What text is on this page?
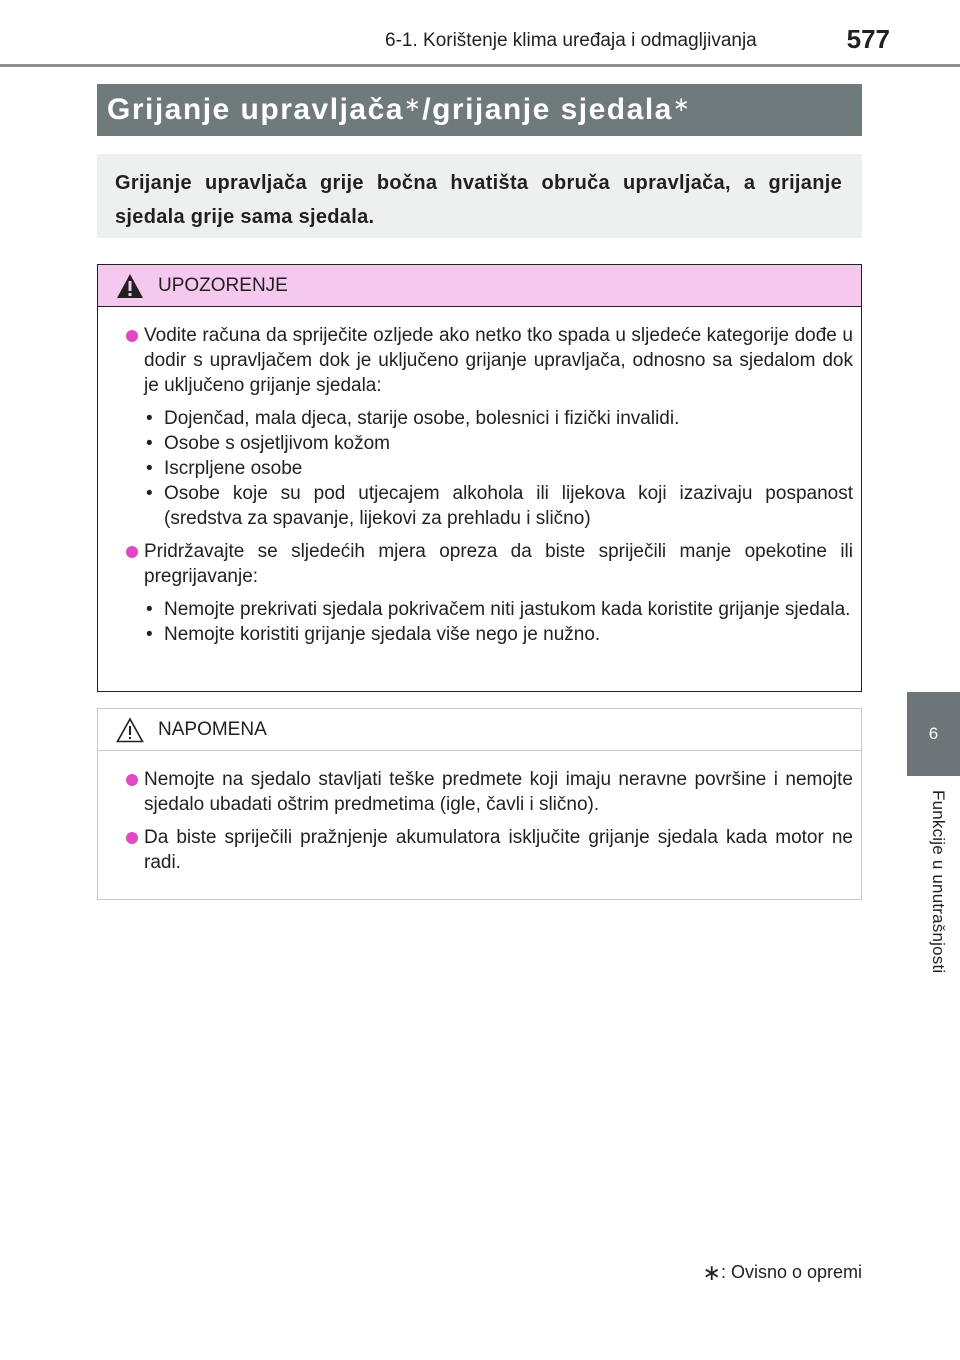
6-1. Korištenje klima uređaja i odmagljivanja	577
6
Funkcije u unutrašnjosti
Grijanje upravljača∗ /grijanje sjedala∗
Grijanje upravljača grije bočna hvatišta obruča upravljača, a grijanje sjedala grije sama sjedala.
UPOZORENJE
Vodite računa da spriječite ozljede ako netko tko spada u sljedeće kategorije dođe u dodir s upravljačem dok je uključeno grijanje upravljača, odnosno sa sjedalom dok je uključeno grijanje sjedala:
• Dojenčad, mala djeca, starije osobe, bolesnici i fizički invalidi.
• Osobe s osjetljivom kožom
• Iscrpljene osobe
• Osobe koje su pod utjecajem alkohola ili lijekova koji izazivaju pospanost (sredstva za spavanje, lijekovi za prehladu i slično)
Pridržavajte se sljedećih mjera opreza da biste spriječili manje opekotine ili pregrijavanje:
• Nemojte prekrivati sjedala pokrivačem niti jastukom kada koristite grijanje sjedala.
• Nemojte koristiti grijanje sjedala više nego je nužno.
NAPOMENA
Nemojte na sjedalo stavljati teške predmete koji imaju neravne površine i nemojte sjedalo ubadati oštrim predmetima (igle, čavli i slično).
Da biste spriječili pražnjenje akumulatora isključite grijanje sjedala kada motor ne radi.
∗: Ovisno o opremi
